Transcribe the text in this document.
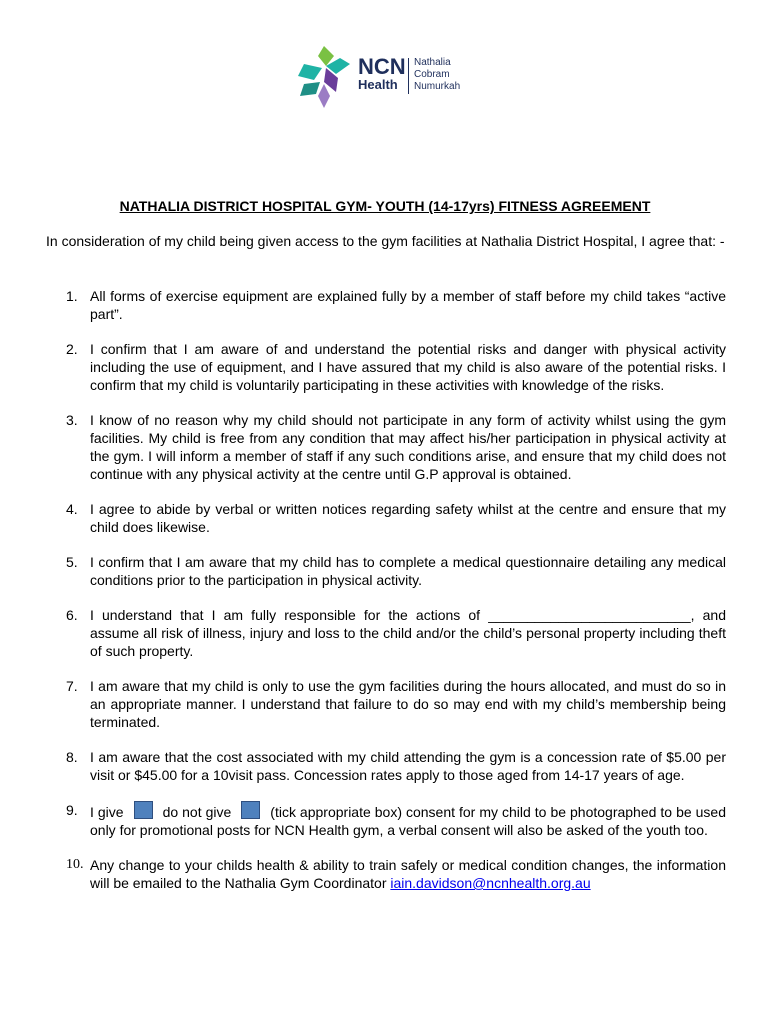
NCN
Health
Nathalia
Cobram
Numurkah
NATHALIA DISTRICT HOSPITAL GYM- YOUTH (14-17yrs) FITNESS AGREEMENT
In consideration of my child being given access to the gym facilities at Nathalia District Hospital, I agree that: -
1. All forms of exercise equipment are explained fully by a member of staff before my child takes “active part”.
2. I confirm that I am aware of and understand the potential risks and danger with physical activity including the use of equipment, and I have assured that my child is also aware of the potential risks. I confirm that my child is voluntarily participating in these activities with knowledge of the risks.
3. I know of no reason why my child should not participate in any form of activity whilst using the gym facilities. My child is free from any condition that may affect his/her participation in physical activity at the gym. I will inform a member of staff if any such conditions arise, and ensure that my child does not continue with any physical activity at the centre until G.P approval is obtained.
4. I agree to abide by verbal or written notices regarding safety whilst at the centre and ensure that my child does likewise.
5. I confirm that I am aware that my child has to complete a medical questionnaire detailing any medical conditions prior to the participation in physical activity.
6. I understand that I am fully responsible for the actions of __________________________, and assume all risk of illness, injury and loss to the child and/or the child’s personal property including theft of such property.
7. I am aware that my child is only to use the gym facilities during the hours allocated, and must do so in an appropriate manner. I understand that failure to do so may end with my child’s membership being terminated.
8. I am aware that the cost associated with my child attending the gym is a concession rate of $5.00 per visit or $45.00 for a 10visit pass. Concession rates apply to those aged from 14-17 years of age.
9. I give	do not give	(tick appropriate box) consent for my child to be photographed to be used only for promotional posts for NCN Health gym, a verbal consent will also be asked of the youth too.
10. Any change to your childs health & ability to train safely or medical condition changes, the information will be emailed to the Nathalia Gym Coordinator iain.davidson@ncnhealth.org.au
